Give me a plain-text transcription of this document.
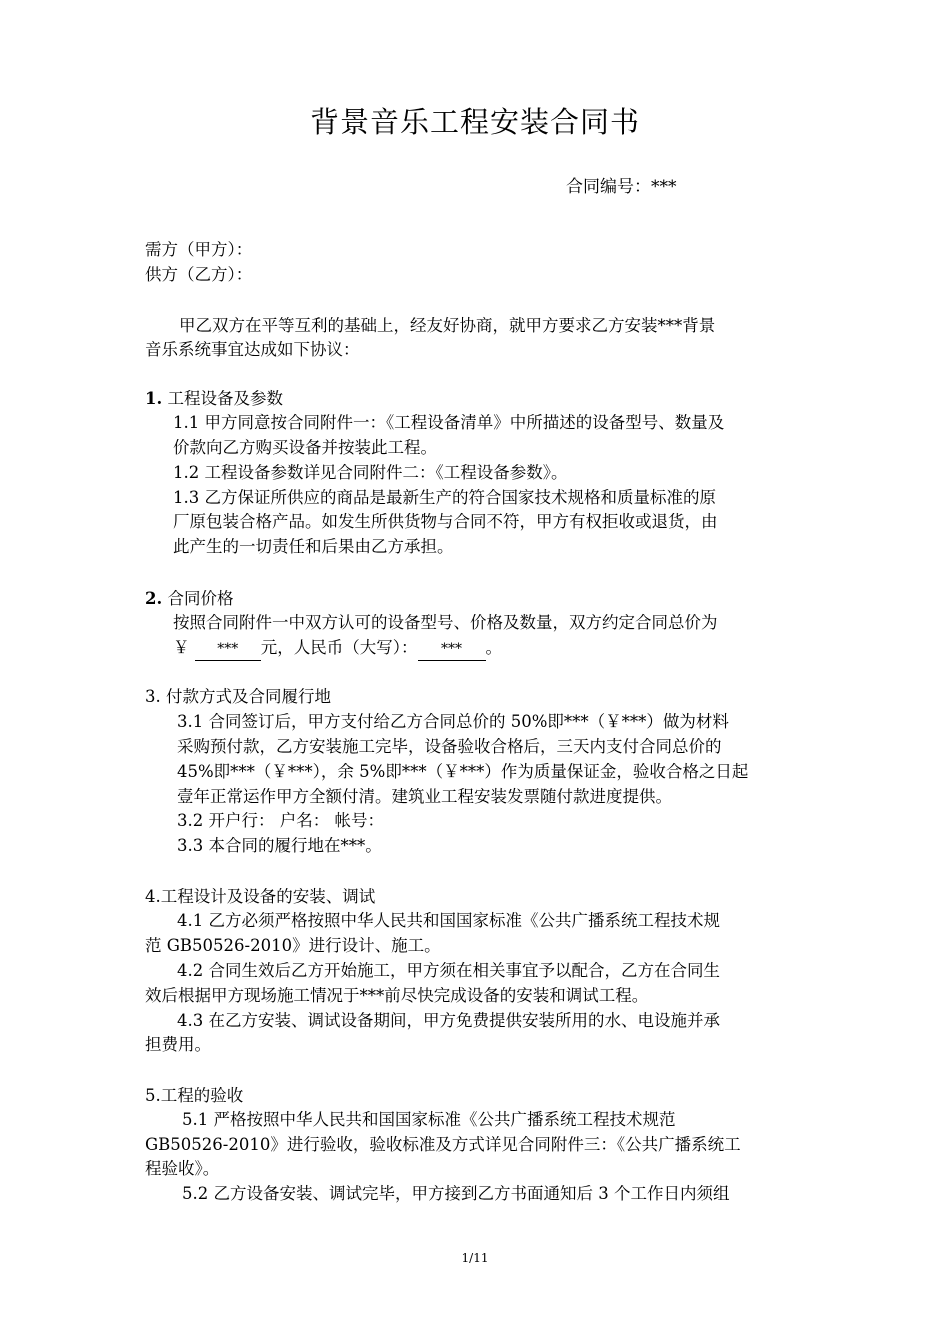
背景音乐工程安装合同书
合同编号：***
需方（甲方）：
供方（乙方）：
甲乙双方在平等互利的基础上，经友好协商，就甲方要求乙方安装***背景
音乐系统事宜达成如下协议：
1. 工程设备及参数
1.1 甲方同意按合同附件一：《工程设备清单》中所描述的设备型号、数量及
价款向乙方购买设备并按装此工程。
1.2 工程设备参数详见合同附件二：《工程设备参数》。
1.3 乙方保证所供应的商品是最新生产的符合国家技术规格和质量标准的原
厂原包装合格产品。如发生所供货物与合同不符，甲方有权拒收或退货，由
此产生的一切责任和后果由乙方承担。
2. 合同价格
按照合同附件一中双方认可的设备型号、价格及数量，双方约定合同总价为
￥ *** 元，人民币（大写）： *** 。
3. 付款方式及合同履行地
3.1 合同签订后，甲方支付给乙方合同总价的 50%即***（￥***）做为材料
采购预付款，乙方安装施工完毕，设备验收合格后，三天内支付合同总价的
45%即***（￥***），余 5%即***（￥***）作为质量保证金，验收合格之日起
壹年正常运作甲方全额付清。建筑业工程安装发票随付款进度提供。
3.2 开户行： 户名： 帐号：
3.3 本合同的履行地在***。
4.工程设计及设备的安装、调试
4.1 乙方必须严格按照中华人民共和国国家标准《公共广播系统工程技术规
范 GB50526-2010》进行设计、施工。
4.2 合同生效后乙方开始施工，甲方须在相关事宜予以配合，乙方在合同生
效后根据甲方现场施工情况于***前尽快完成设备的安装和调试工程。
4.3 在乙方安装、调试设备期间，甲方免费提供安装所用的水、电设施并承
担费用。
5.工程的验收
5.1 严格按照中华人民共和国国家标准《公共广播系统工程技术规范
GB50526-2010》进行验收，验收标准及方式详见合同附件三：《公共广播系统工
程验收》。
5.2 乙方设备安装、调试完毕，甲方接到乙方书面通知后 3 个工作日内须组
1/11
